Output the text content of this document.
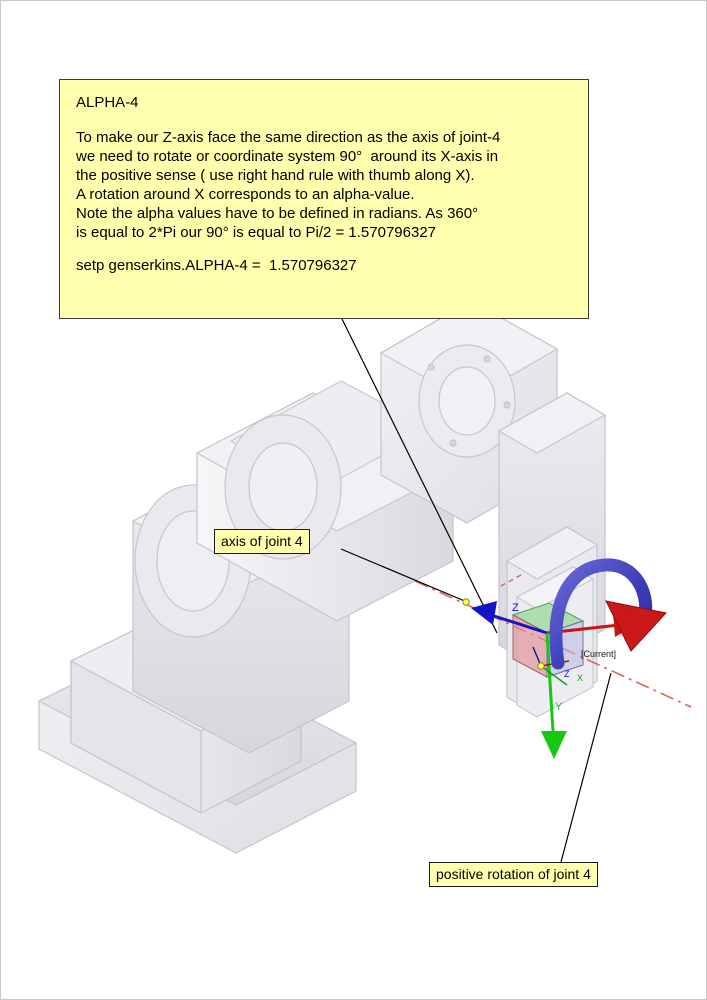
ALPHA-4
To make our Z-axis face the same direction as the axis of joint-4
we need to rotate or coordinate system 90°  around its X-axis in
the positive sense ( use right hand rule with thumb along X).
A rotation around X corresponds to an alpha-value.
Note the alpha values have to be defined in radians. As 360°
is equal to 2*Pi our 90° is equal to Pi/2 = 1.570796327
setp genserkins.ALPHA-4 =  1.570796327
axis of joint 4
positive rotation of joint 4
Z	X
Y
Z X
[Current]
